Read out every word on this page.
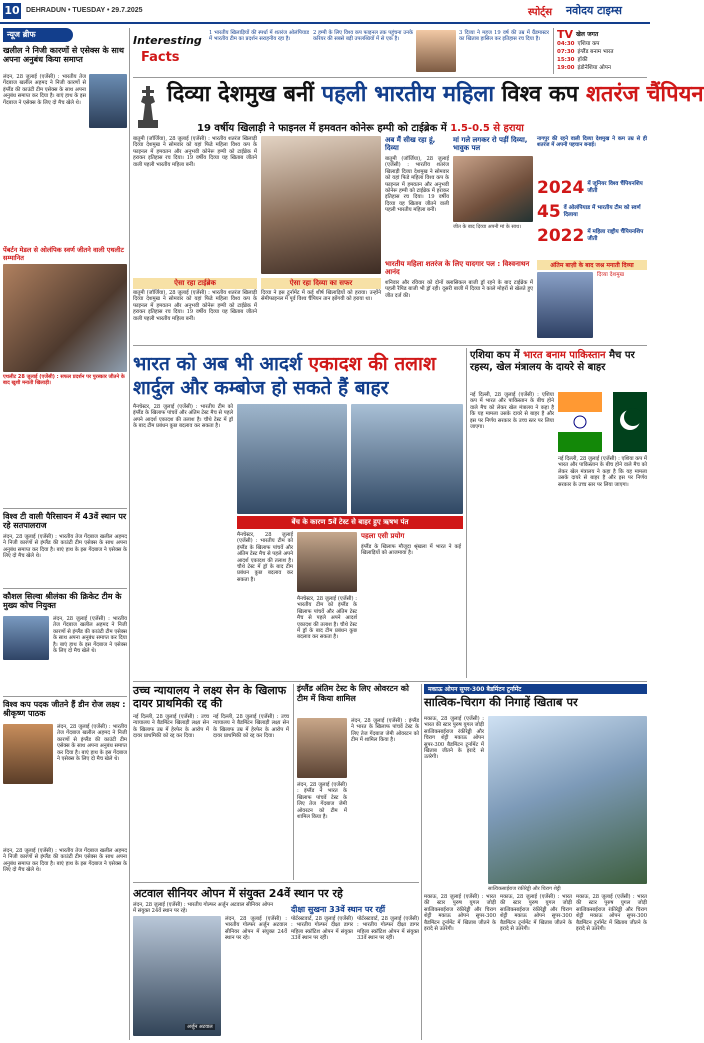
10 DEHRADUN • TUESDAY • 29.7.2025	स्पोर्ट्स नवोदय टाइम्स
न्यूज ब्रीफ
खलील ने निजी कारणों से एसेक्स के साथ अपना अनुबंध किया समाप्त
लंदन, 28 जुलाई (एजेंसी) : भारतीय तेज गेंदबाज खलील अहमद ने निजी कारणों से इंग्लैंड की काउंटी टीम एसेक्स के साथ अपना अनुबंध समाप्त कर दिया है। बाएं हाथ के इस गेंदबाज ने एसेक्स के लिए दो मैच खेले थे।
पेंबर्टन मेडल से ओलंपिक स्वर्ण जीतने वाली एथलीट सम्मानित
एथलीट 28 जुलाई (एजेंसी) : सफल प्रदर्शन पर पुरस्कार जीतने के बाद खुशी मनाती खिलाड़ी।
विश्व टी वाली पैरिसायन में 43वें स्थान पर रहे सतपालराज
लंदन, 28 जुलाई (एजेंसी) : भारतीय तेज गेंदबाज खलील अहमद ने निजी कारणों से इंग्लैंड की काउंटी टीम एसेक्स के साथ अपना अनुबंध समाप्त कर दिया है। बाएं हाथ के इस गेंदबाज ने एसेक्स के लिए दो मैच खेले थे।
कौशल सिल्वा श्रीलंका की क्रिकेट टीम के मुख्य कोच नियुक्त
लंदन, 28 जुलाई (एजेंसी) : भारतीय तेज गेंदबाज खलील अहमद ने निजी कारणों से इंग्लैंड की काउंटी टीम एसेक्स के साथ अपना अनुबंध समाप्त कर दिया है। बाएं हाथ के इस गेंदबाज ने एसेक्स के लिए दो मैच खेले थे।
विश्व कप पदक जीतने हैं डीन रोज लक्ष्य : श्रीकृष्ण पाठक
लंदन, 28 जुलाई (एजेंसी) : भारतीय तेज गेंदबाज खलील अहमद ने निजी कारणों से इंग्लैंड की काउंटी टीम एसेक्स के साथ अपना अनुबंध समाप्त कर दिया है। बाएं हाथ के इस गेंदबाज ने एसेक्स के लिए दो मैच खेले थे।
लंदन, 28 जुलाई (एजेंसी) : भारतीय तेज गेंदबाज खलील अहमद ने निजी कारणों से इंग्लैंड की काउंटी टीम एसेक्स के साथ अपना अनुबंध समाप्त कर दिया है। बाएं हाथ के इस गेंदबाज ने एसेक्स के लिए दो मैच खेले थे।
Interesting
Facts
1 भारतीय खिलाड़ियों की स्पर्धा में शतरंज ओलंपियाड में भारतीय टीम का प्रदर्शन सराहनीय रहा है।
2 हम्पी के लिए विश्व कप फाइनल तक पहुंचना उनके करियर की सबसे बड़ी उपलब्धियों में से एक है।
3 दिव्या ने महज 19 वर्ष की उम्र में ग्रैंडमास्टर का खिताब हासिल कर इतिहास रच दिया है।	TV खेल जगत
04:30 एशिया कप
07:30 इंग्लैंड बनाम भारत
15:30 हॉकी
19:00 इंडोनेशिया ओपन
दिव्या देशमुख बनीं पहली भारतीय महिला विश्व कप शतरंज चैंपियन
19 वर्षीय खिलाड़ी ने फाइनल में हमवतन कोनेरू हम्पी को टाईब्रेक में 1.5-0.5 से हराया
बातुमी (जॉर्जिया), 28 जुलाई (एजेंसी) : भारतीय शतरंज खिलाड़ी दिव्या देशमुख ने सोमवार को यहां फिडे महिला विश्व कप के फाइनल में हमवतन और अनुभवी कोनेरू हम्पी को टाईब्रेक में हराकर इतिहास रच दिया। 19 वर्षीय दिव्या यह खिताब जीतने वाली पहली भारतीय महिला बनीं।
बातुमी (जॉर्जिया), 28 जुलाई (एजेंसी) : भारतीय शतरंज खिलाड़ी दिव्या देशमुख ने सोमवार को यहां फिडे महिला विश्व कप के फाइनल में हमवतन और अनुभवी कोनेरू हम्पी को टाईब्रेक में हराकर इतिहास रच दिया। 19 वर्षीय दिव्या यह खिताब जीतने वाली पहली भारतीय महिला बनीं।
ऐसा रहा टाईब्रेक	ऐसा रहा दिव्या का सफर
दिव्या ने इस टूर्नामेंट में कई शीर्ष खिलाड़ियों को हराया। उन्होंने सेमीफाइनल में पूर्व विश्व चैंपियन तान झोंगयी को हराया था।
अब मैं सीख रहा हूं, दिव्या
बातुमी (जॉर्जिया), 28 जुलाई (एजेंसी) : भारतीय शतरंज खिलाड़ी दिव्या देशमुख ने सोमवार को यहां फिडे महिला विश्व कप के फाइनल में हमवतन और अनुभवी कोनेरू हम्पी को टाईब्रेक में हराकर इतिहास रच दिया। 19 वर्षीय दिव्या यह खिताब जीतने वाली पहली भारतीय महिला बनीं।
मां गले लगकर रो पड़ीं दिव्या, भावुक पल
जीत के बाद दिव्या अपनी मां के साथ।
भारतीय महिला शतरंज के लिए यादगार पल : विश्वनाथन आनंद
शनिवार और रविवार को दोनों क्लासिकल बाजी ड्रॉ रहने के बाद टाईब्रेक में पहली रैपिड बाजी भी ड्रॉ रही। दूसरी बाजी में दिव्या ने काले मोहरों से खेलते हुए जीत दर्ज की।
नागपुर की रहने वाली दिव्या देशमुख ने कम उम्र से ही शतरंज में अपनी पहचान बनाई।
2024 में जूनियर विश्व चैंपियनशिप जीती
45 वें ओलंपियाड में भारतीय टीम को स्वर्ण दिलाया
2022 में महिला राष्ट्रीय चैंपियनशिप जीती
अंतिम बाज़ी के बाद जश्न मनाती दिव्या
दिव्या देशमुख
भारत को अब भी आदर्श एकादश की तलाश
शार्दुल और कम्बोज हो सकते हैं बाहर
मैनचेस्टर, 28 जुलाई (एजेंसी) : भारतीय टीम को इंग्लैंड के खिलाफ पांचवें और अंतिम टेस्ट मैच से पहले अपने आदर्श एकादश की तलाश है। चौथे टेस्ट में ड्रॉ के बाद टीम प्रबंधन कुछ बदलाव कर सकता है।
बेंच के कारण 5वें टेस्ट से बाहर हुए ऋषभ पंत
मैनचेस्टर, 28 जुलाई (एजेंसी) : भारतीय टीम को इंग्लैंड के खिलाफ पांचवें और अंतिम टेस्ट मैच से पहले अपने आदर्श एकादश की तलाश है। चौथे टेस्ट में ड्रॉ के बाद टीम प्रबंधन कुछ बदलाव कर सकता है।
मैनचेस्टर, 28 जुलाई (एजेंसी) : भारतीय टीम को इंग्लैंड के खिलाफ पांचवें और अंतिम टेस्ट मैच से पहले अपने आदर्श एकादश की तलाश है। चौथे टेस्ट में ड्रॉ के बाद टीम प्रबंधन कुछ बदलाव कर सकता है।
पहला एसी प्रयोग
इंग्लैंड के खिलाफ मौजूदा श्रृंखला में भारत ने कई खिलाड़ियों को आजमाया है।
एशिया कप में भारत बनाम पाकिस्तान मैच पर रहस्य, खेल मंत्रालय के दायरे से बाहर
नई दिल्ली, 28 जुलाई (एजेंसी) : एशिया कप में भारत और पाकिस्तान के बीच होने वाले मैच को लेकर खेल मंत्रालय ने कहा है कि यह मामला उसके दायरे से बाहर है और इस पर निर्णय सरकार के उच्च स्तर पर लिया जाएगा।
नई दिल्ली, 28 जुलाई (एजेंसी) : एशिया कप में भारत और पाकिस्तान के बीच होने वाले मैच को लेकर खेल मंत्रालय ने कहा है कि यह मामला उसके दायरे से बाहर है और इस पर निर्णय सरकार के उच्च स्तर पर लिया जाएगा।
उच्च न्यायालय ने लक्ष्य सेन के खिलाफ दायर प्राथमिकी रद्द की
नई दिल्ली, 28 जुलाई (एजेंसी) : उच्च न्यायालय ने बैडमिंटन खिलाड़ी लक्ष्य सेन के खिलाफ उम्र में हेरफेर के आरोप में दायर प्राथमिकी को रद्द कर दिया।
नई दिल्ली, 28 जुलाई (एजेंसी) : उच्च न्यायालय ने बैडमिंटन खिलाड़ी लक्ष्य सेन के खिलाफ उम्र में हेरफेर के आरोप में दायर प्राथमिकी को रद्द कर दिया।
इंग्लैंड अंतिम टेस्ट के लिए ओवरटन को टीम में किया शामिल
लंदन, 28 जुलाई (एजेंसी) : इंग्लैंड ने भारत के खिलाफ पांचवें टेस्ट के लिए तेज गेंदबाज जेमी ओवरटन को टीम में शामिल किया है।
लंदन, 28 जुलाई (एजेंसी) : इंग्लैंड ने भारत के खिलाफ पांचवें टेस्ट के लिए तेज गेंदबाज जेमी ओवरटन को टीम में शामिल किया है।
अटवाल सीनियर ओपन में संयुक्त 24वें स्थान पर रहे
लंदन, 28 जुलाई (एजेंसी) : भारतीय गोल्फर अर्जुन अटवाल सीनियर ओपन में संयुक्त 24वें स्थान पर रहे।
अर्जुन अटवाल
लंदन, 28 जुलाई (एजेंसी) : भारतीय गोल्फर अर्जुन अटवाल सीनियर ओपन में संयुक्त 24वें स्थान पर रहे।
दीक्षा सुखना 33वें स्थान पर रहीं
पोर्टरस्टवार्ट, 28 जुलाई (एजेंसी) : भारतीय गोल्फर दीक्षा डागर महिला स्कॉटिश ओपन में संयुक्त 33वें स्थान पर रहीं।
पोर्टरस्टवार्ट, 28 जुलाई (एजेंसी) : भारतीय गोल्फर दीक्षा डागर महिला स्कॉटिश ओपन में संयुक्त 33वें स्थान पर रहीं।
मकाऊ ओपन सुपर-300 बैडमिंटन टूर्नामेंट
सात्विक-चिराग की निगाहें खिताब पर
मकाऊ, 28 जुलाई (एजेंसी) : भारत की स्टार पुरुष युगल जोड़ी सात्विकसाईराज रंकीरेड्डी और चिराग शेट्टी मकाऊ ओपन सुपर-300 बैडमिंटन टूर्नामेंट में खिताब जीतने के इरादे से उतरेगी।
सात्विकसाईराज रंकीरेड्डी और चिराग शेट्टी
मकाऊ, 28 जुलाई (एजेंसी) : भारत की स्टार पुरुष युगल जोड़ी सात्विकसाईराज रंकीरेड्डी और चिराग शेट्टी मकाऊ ओपन सुपर-300 बैडमिंटन टूर्नामेंट में खिताब जीतने के इरादे से उतरेगी।
मकाऊ, 28 जुलाई (एजेंसी) : भारत की स्टार पुरुष युगल जोड़ी सात्विकसाईराज रंकीरेड्डी और चिराग शेट्टी मकाऊ ओपन सुपर-300 बैडमिंटन टूर्नामेंट में खिताब जीतने के इरादे से उतरेगी।
मकाऊ, 28 जुलाई (एजेंसी) : भारत की स्टार पुरुष युगल जोड़ी सात्विकसाईराज रंकीरेड्डी और चिराग शेट्टी मकाऊ ओपन सुपर-300 बैडमिंटन टूर्नामेंट में खिताब जीतने के इरादे से उतरेगी।
